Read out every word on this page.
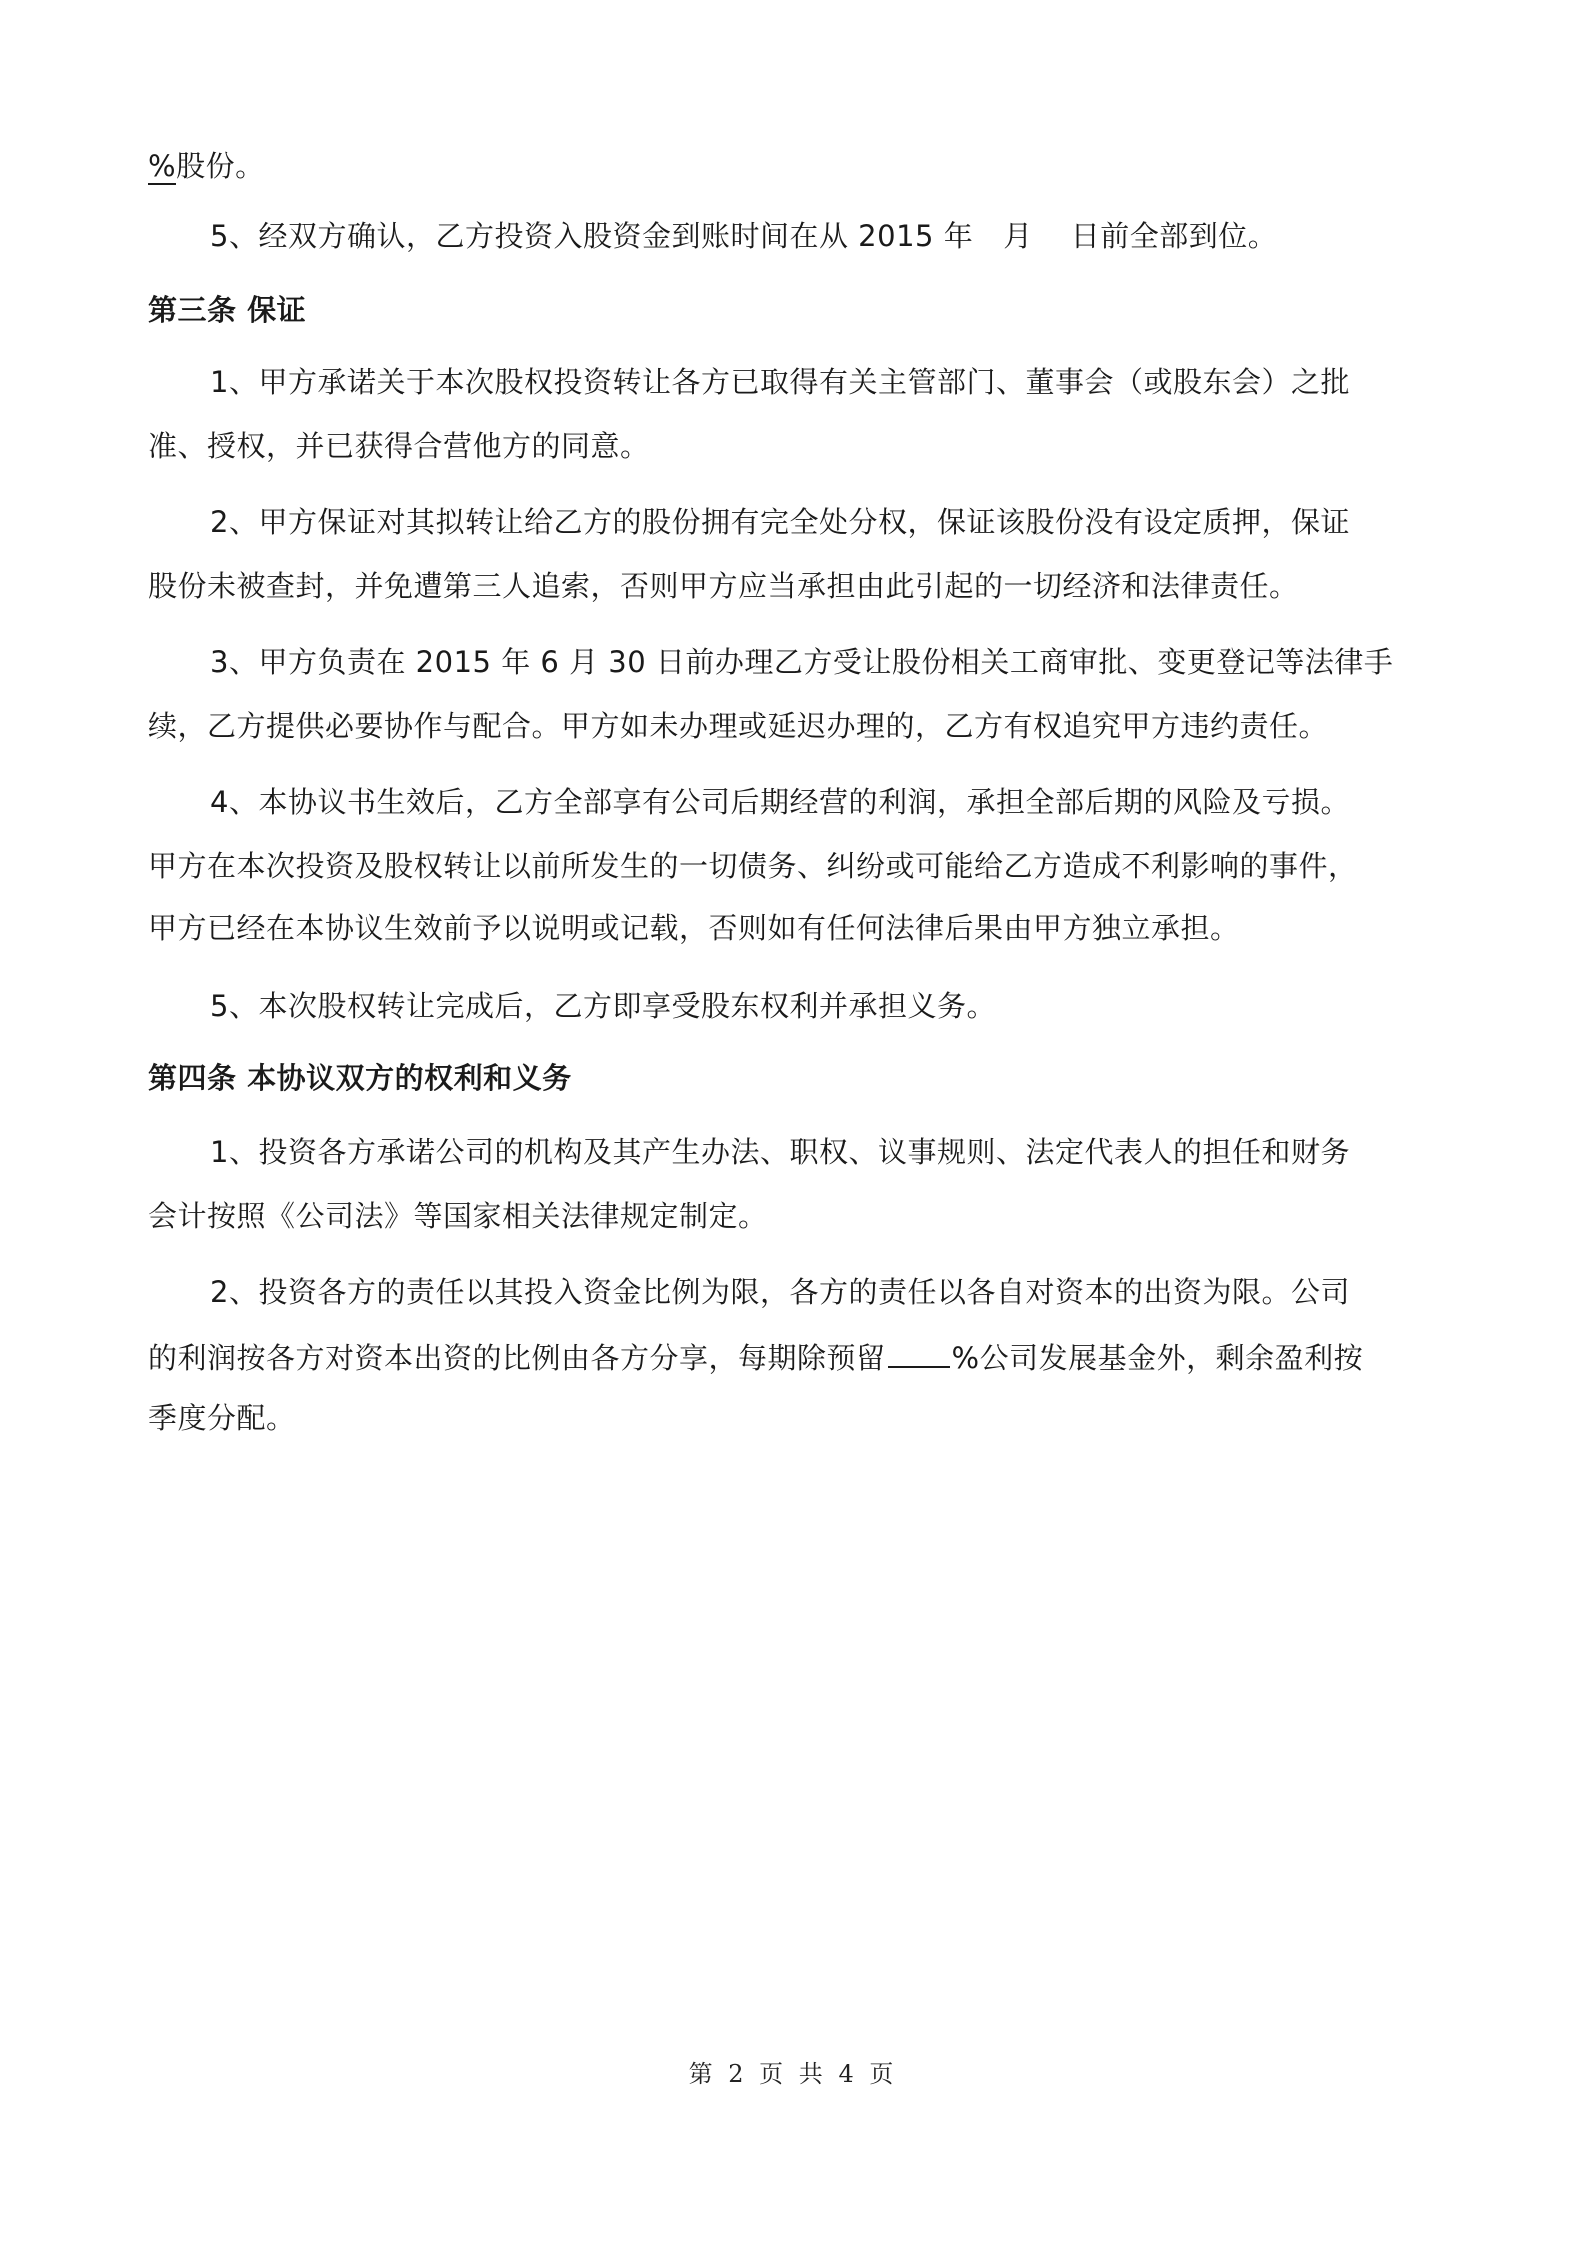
%股份。
5、经双方确认，乙方投资入股资金到账时间在从 2015 年 月 日前全部到位。
第三条 保证
1、甲方承诺关于本次股权投资转让各方已取得有关主管部门、董事会（或股东会）之批
准、授权，并已获得合营他方的同意。
2、甲方保证对其拟转让给乙方的股份拥有完全处分权，保证该股份没有设定质押，保证
股份未被查封，并免遭第三人追索，否则甲方应当承担由此引起的一切经济和法律责任。
3、甲方负责在 2015 年 6 月 30 日前办理乙方受让股份相关工商审批、变更登记等法律手
续，乙方提供必要协作与配合。甲方如未办理或延迟办理的，乙方有权追究甲方违约责任。
4、本协议书生效后，乙方全部享有公司后期经营的利润，承担全部后期的风险及亏损。
甲方在本次投资及股权转让以前所发生的一切债务、纠纷或可能给乙方造成不利影响的事件，
甲方已经在本协议生效前予以说明或记载，否则如有任何法律后果由甲方独立承担。
5、本次股权转让完成后，乙方即享受股东权利并承担义务。
第四条 本协议双方的权利和义务
1、投资各方承诺公司的机构及其产生办法、职权、议事规则、法定代表人的担任和财务
会计按照《公司法》等国家相关法律规定制定。
2、投资各方的责任以其投入资金比例为限，各方的责任以各自对资本的出资为限。公司
的利润按各方对资本出资的比例由各方分享，每期除预留 %公司发展基金外，剩余盈利按
季度分配。
第 2 页 共 4 页
